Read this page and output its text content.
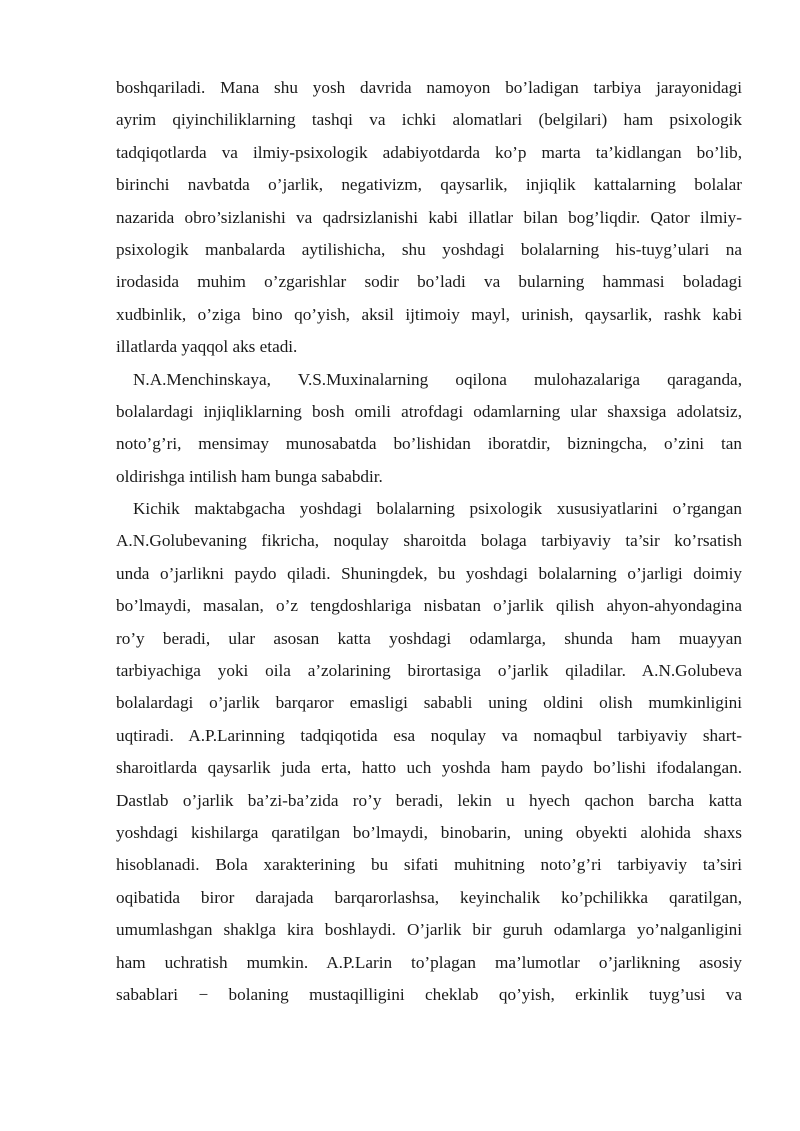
boshqariladi. Mana shu yosh davrida namoyon bo’ladigan tarbiya jarayonidagi
ayrim qiyinchiliklarning tashqi va ichki alomatlari (belgilari) ham psixologik
tadqiqotlarda va ilmiy-psixologik adabiyotdarda ko’p marta ta’kidlangan bo’lib,
birinchi navbatda o’jarlik, negativizm, qaysarlik, injiqlik kattalarning bolalar
nazarida obro’sizlanishi va qadrsizlanishi kabi illatlar bilan bog’liqdir. Qator ilmiy-
psixologik manbalarda aytilishicha, shu yoshdagi bolalarning his-tuyg’ulari na
irodasida muhim o’zgarishlar sodir bo’ladi va bularning hammasi boladagi
xudbinlik, o’ziga bino qo’yish, aksil ijtimoiy mayl, urinish, qaysarlik, rashk kabi
illatlarda yaqqol aks etadi.
N.A.Menchinskaya, V.S.Muxinalarning oqilona mulohazalariga qaraganda,
bolalardagi injiqliklarning bosh omili atrofdagi odamlarning ular shaxsiga adolatsiz,
noto’g’ri, mensimay munosabatda bo’lishidan iboratdir, bizningcha, o’zini tan
oldirishga intilish ham bunga sababdir.
Kichik maktabgacha yoshdagi bolalarning psixologik xususiyatlarini o’rgangan
A.N.Golubevaning fikricha, noqulay sharoitda bolaga tarbiyaviy ta’sir ko’rsatish
unda o’jarlikni paydo qiladi. Shuningdek, bu yoshdagi bolalarning o’jarligi doimiy
bo’lmaydi, masalan, o’z tengdoshlariga nisbatan o’jarlik qilish ahyon-ahyondagina
ro’y beradi, ular asosan katta yoshdagi odamlarga, shunda ham muayyan
tarbiyachiga yoki oila a’zolarining birortasiga o’jarlik qiladilar. A.N.Golubeva
bolalardagi o’jarlik barqaror emasligi sababli uning oldini olish mumkinligini
uqtiradi. A.P.Larinning tadqiqotida esa noqulay va nomaqbul tarbiyaviy shart-
sharoitlarda qaysarlik juda erta, hatto uch yoshda ham paydo bo’lishi ifodalangan.
Dastlab o’jarlik ba’zi-ba’zida ro’y beradi, lekin u hyech qachon barcha katta
yoshdagi kishilarga qaratilgan bo’lmaydi, binobarin, uning obyekti alohida shaxs
hisoblanadi. Bola xarakterining bu sifati muhitning noto’g’ri tarbiyaviy ta’siri
oqibatida biror darajada barqarorlashsa, keyinchalik ko’pchilikka qaratilgan,
umumlashgan shaklga kira boshlaydi. O’jarlik bir guruh odamlarga yo’nalganligini
ham uchratish mumkin. A.P.Larin to’plagan ma’lumotlar o’jarlikning asosiy
sabablari − bolaning mustaqilligini cheklab qo’yish, erkinlik tuyg’usi va
